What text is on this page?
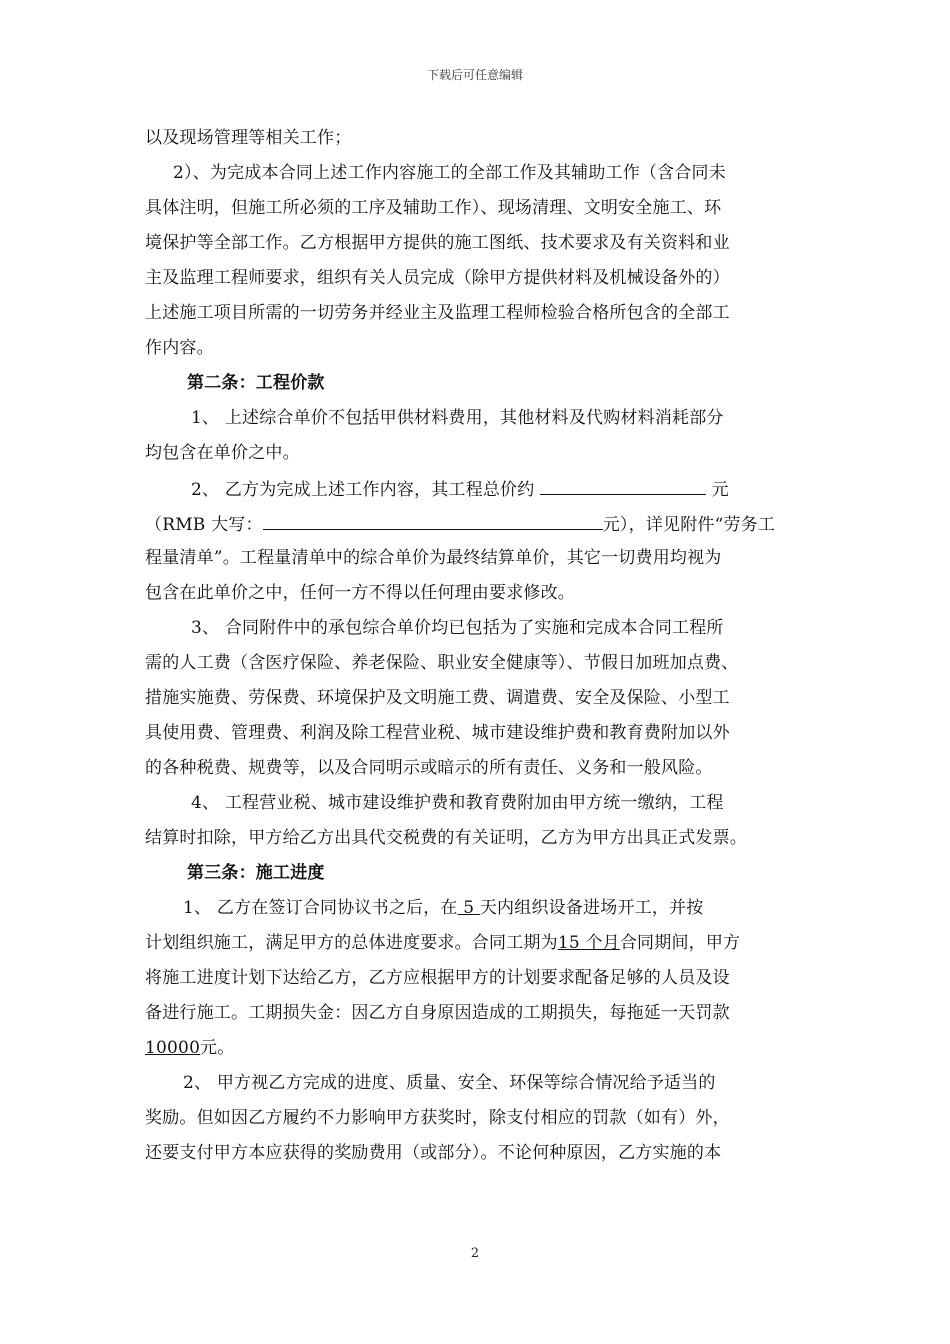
下载后可任意编辑
以及现场管理等相关工作；
2）、为完成本合同上述工作内容施工的全部工作及其辅助工作（含合同未
具体注明，但施工所必须的工序及辅助工作）、现场清理、文明安全施工、环
境保护等全部工作。乙方根据甲方提供的施工图纸、技术要求及有关资料和业
主及监理工程师要求，组织有关人员完成（除甲方提供材料及机械设备外的）
上述施工项目所需的一切劳务并经业主及监理工程师检验合格所包含的全部工
作内容。
第二条：工程价款
1、 上述综合单价不包括甲供材料费用，其他材料及代购材料消耗部分
均包含在单价之中。
2、 乙方为完成上述工作内容，其工程总价约	元
（RMB 大写：	元），详见附件“劳务工
程量清单”。工程量清单中的综合单价为最终结算单价，其它一切费用均视为
包含在此单价之中，任何一方不得以任何理由要求修改。
3、 合同附件中的承包综合单价均已包括为了实施和完成本合同工程所
需的人工费（含医疗保险、养老保险、职业安全健康等）、节假日加班加点费、
措施实施费、劳保费、环境保护及文明施工费、调遣费、安全及保险、小型工
具使用费、管理费、利润及除工程营业税、城市建设维护费和教育费附加以外
的各种税费、规费等，以及合同明示或暗示的所有责任、义务和一般风险。
4、 工程营业税、城市建设维护费和教育费附加由甲方统一缴纳，工程
结算时扣除，甲方给乙方出具代交税费的有关证明，乙方为甲方出具正式发票。
第三条：施工进度
1、 乙方在签订合同协议书之后，在 5 天内组织设备进场开工，并按
计划组织施工，满足甲方的总体进度要求。合同工期为15 个月合同期间，甲方
将施工进度计划下达给乙方，乙方应根据甲方的计划要求配备足够的人员及设
备进行施工。工期损失金：因乙方自身原因造成的工期损失，每拖延一天罚款
10000元。
2、 甲方视乙方完成的进度、质量、安全、环保等综合情况给予适当的
奖励。但如因乙方履约不力影响甲方获奖时，除支付相应的罚款（如有）外，
还要支付甲方本应获得的奖励费用（或部分）。不论何种原因，乙方实施的本
2
